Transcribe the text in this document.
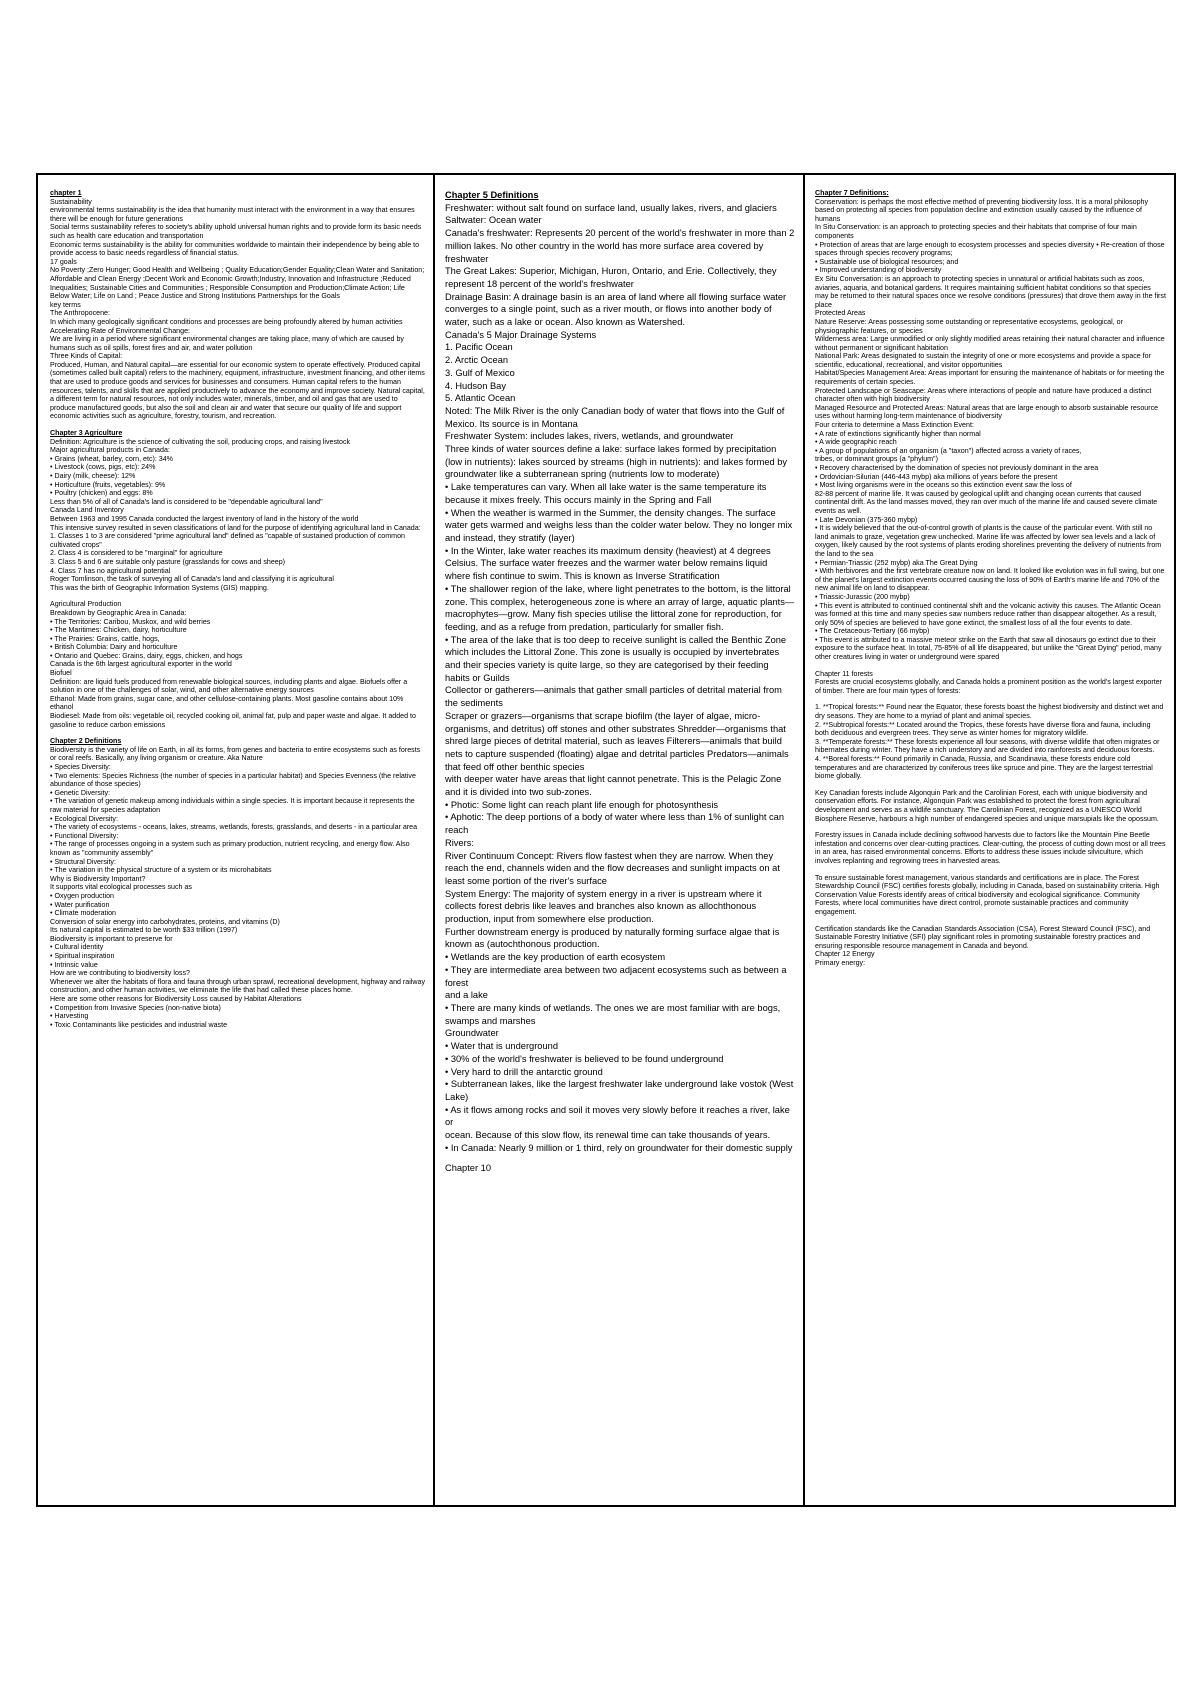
chapter 1
Sustainability
environmental terms sustainability is the idea that humanity must interact with the environment in a way that ensures there will be enough for future generations
Social terms sustainability referes to society's ability uphold universal human rights and to provide form its basic needs such as health care education and transportation
Economic terms sustainability is the ability for communities worldwide to maintain their independence by being able to provide access to basic needs regardless of financial status.
17 goals
No Poverty ;Zero Hunger; Good Health and Wellbeing ; Quality Education;Gender Equality;Clean Water and Sanitation; Affordable and Clean Energy ;Decent Work and Economic Growth;Industry, Innovation and Infrastructure ;Reduced Inequalities; Sustainable Cities and Communities ; Responsible Consumption and Production;Climate Action; Life Below Water; Life on Land ; Peace Justice and Strong Institutions Partnerships for the Goals
key terms
The Anthropocene:
In which many geologically significant conditions and processes are being profoundly altered by human activities
Accelerating Rate of Environmental Change:
We are living in a period where significant environmental changes are taking place, many of which are caused by humans such as oil spills, forest fires and air, and water pollution
Three Kinds of Capital:
Produced, Human, and Natural capital—are essential for our economic system to operate effectively. Produced capital (sometimes called built capital) refers to the machinery, equipment, infrastructure, investment financing, and other items that are used to produce goods and services for businesses and consumers. Human capital refers to the human resources, talents, and skills that are applied productively to advance the economy and improve society. Natural capital, a different term for natural resources, not only includes water, minerals, timber, and oil and gas that are used to produce manufactured goods, but also the soil and clean air and water that secure our quality of life and support economic activities such as agriculture, forestry, tourism, and recreation.
Chapter 3 Agriculture
Definition: Agriculture is the science of cultivating the soil, producing crops, and raising livestock
Major agricultural products in Canada:
• Grains (wheat, barley, corn, etc): 34%
• Livestock (cows, pigs, etc): 24%
• Dairy (milk, cheese): 12%
• Horticulture (fruits, vegetables): 9%
• Poultry (chicken) and eggs: 8%
Less than 5% of all of Canada's land is considered to be "dependable agricultural land"
Canada Land Inventory
Between 1963 and 1995 Canada conducted the largest inventory of land in the history of the world
This intensive survey resulted in seven classifications of land for the purpose of identifying agricultural land in Canada:
1. Classes 1 to 3 are considered "prime agricultural land" defined as "capable of sustained production of common cultivated crops"
2. Class 4 is considered to be "marginal" for agriculture
3. Class 5 and 6 are suitable only pasture (grasslands for cows and sheep)
4. Class 7 has no agricultural potential
Roger Tomlinson, the task of surveying all of Canada's land and classifying it is agricultural
This was the birth of Geographic Information Systems (GIS) mapping.
Agricultural Production
Breakdown by Geographic Area in Canada:
• The Territories: Caribou, Muskox, and wild berries
• The Maritimes: Chicken, dairy, horticulture
• The Prairies: Grains, cattle, hogs,
• British Columbia: Dairy and horticulture
• Ontario and Quebec: Grains, dairy, eggs, chicken, and hogs
Canada is the 6th largest agricultural exporter in the world
Biofuel
Definition: are liquid fuels produced from renewable biological sources, including plants and algae. Biofuels offer a solution in one of the challenges of solar, wind, and other alternative energy sources
Ethanol: Made from grains, sugar cane, and other cellulose-containing plants. Most gasoline contains about 10% ethanol
Biodiesel: Made from oils: vegetable oil, recycled cooking oil, animal fat, pulp and paper waste and algae. It added to gasoline to reduce carbon emissions
Chapter 2 Definitions
Biodiversity is the variety of life on Earth, in all its forms, from genes and bacteria to entire ecosystems such as forests or coral reefs. Basically, any living organism or creature. Aka Nature
• Species Diversity:
• Two elements: Species Richness (the number of species in a particular habitat) and Species Evenness (the relative abundance of those species)
• Genetic Diversity:
• The variation of genetic makeup among individuals within a single species. It is important because it represents the raw material for species adaptation
• Ecological Diversity:
• The variety of ecosystems - oceans, lakes, streams, wetlands, forests, grasslands, and deserts - in a particular area
• Functional Diversity:
• The range of processes ongoing in a system such as primary production, nutrient recycling, and energy flow. Also known as "community assembly"
• Structural Diversity:
• The variation in the physical structure of a system or its microhabitats
Why is Biodiversity Important?
It supports vital ecological processes such as
• Oxygen production
• Water purification
• Climate moderation
Conversion of solar energy into carbohydrates, proteins, and vitamins (D)
Its natural capital is estimated to be worth $33 trillion (1997)
Biodiversity is important to preserve for
• Cultural identity
• Spiritual inspiration
• Intrinsic value
How are we contributing to biodiversity loss?
Whenever we alter the habitats of flora and fauna through urban sprawl, recreational development, highway and railway construction, and other human activities, we eliminate the life that had called these places home.
Here are some other reasons for Biodiversity Loss caused by Habitat Alterations
• Competition from Invasive Species (non-native biota)
• Harvesting
• Toxic Contaminants like pesticides and industrial waste
Chapter 5 Definitions
Freshwater: without salt found on surface land, usually lakes, rivers, and glaciers
Saltwater: Ocean water
Canada's freshwater: Represents 20 percent of the world's freshwater in more than 2 million lakes. No other country in the world has more surface area covered by freshwater
The Great Lakes: Superior, Michigan, Huron, Ontario, and Erie. Collectively, they represent 18 percent of the world's freshwater
Drainage Basin: A drainage basin is an area of land where all flowing surface water converges to a single point, such as a river mouth, or flows into another body of water, such as a lake or ocean. Also known as Watershed.
Canada's 5 Major Drainage Systems
1. Pacific Ocean
2. Arctic Ocean
3. Gulf of Mexico
4. Hudson Bay
5. Atlantic Ocean
Noted: The Milk River is the only Canadian body of water that flows into the Gulf of Mexico. Its source is in Montana
Freshwater System: includes lakes, rivers, wetlands, and groundwater
Three kinds of water sources define a lake: surface lakes formed by precipitation (low in nutrients): lakes sourced by streams (high in nutrients): and lakes formed by groundwater like a subterranean spring (nutrients low to moderate)
• Lake temperatures can vary. When all lake water is the same temperature its because it mixes freely. This occurs mainly in the Spring and Fall
• When the weather is warmed in the Summer, the density changes. The surface water gets warmed and weighs less than the colder water below. They no longer mix and instead, they stratify (layer)
• In the Winter, lake water reaches its maximum density (heaviest) at 4 degrees Celsius. The surface water freezes and the warmer water below remains liquid where fish continue to swim. This is known as Inverse Stratification
• The shallower region of the lake, where light penetrates to the bottom, is the littoral
zone. This complex, heterogeneous zone is where an array of large, aquatic plants—macrophytes—grow. Many fish species utilise the littoral zone for reproduction, for feeding, and as a refuge from predation, particularly for smaller fish.
• The area of the lake that is too deep to receive sunlight is called the Benthic Zone which includes the Littoral Zone. This zone is usually is occupied by invertebrates and their species variety is quite large, so they are categorised by their feeding habits or Guilds
Collector or gatherers—animals that gather small particles of detrital material from the sediments
Scraper or grazers—organisms that scrape biofilm (the layer of algae, micro-organisms, and detritus) off stones and other substrates Shredder—organisms that shred large pieces of detrital material, such as leaves Filterers—animals that build nets to capture suspended (floating) algae and detrital particles Predators—animals that feed off other benthic species
with deeper water have areas that light cannot penetrate. This is the Pelagic Zone and it is divided into two sub-zones.
• Photic: Some light can reach plant life enough for photosynthesis
• Aphotic: The deep portions of a body of water where less than 1% of sunlight can reach
Rivers:
River Continuum Concept: Rivers flow fastest when they are narrow. When they reach the end, channels widen and the flow decreases and sunlight impacts on at least some portion of the river's surface
System Energy: The majority of system energy in a river is upstream where it collects forest debris like leaves and branches also known as allochthonous production, input from somewhere else production.
Further downstream energy is produced by naturally forming surface algae that is known as (autochthonous production.
• Wetlands are the key production of earth ecosystem
• They are intermediate area between two adjacent ecosystems such as between a forest
and a lake
• There are many kinds of wetlands. The ones we are most familiar with are bogs,
swamps and marshes
Groundwater
• Water that is underground
• 30% of the world's freshwater is believed to be found underground
• Very hard to drill the antarctic ground
• Subterranean lakes, like the largest freshwater lake underground lake vostok (West
Lake)
• As it flows among rocks and soil it moves very slowly before it reaches a river, lake or
ocean. Because of this slow flow, its renewal time can take thousands of years.
• In Canada: Nearly 9 million or 1 third, rely on groundwater for their domestic supply
Chapter 10
Chapter 7 Definitions:
Conservation: is perhaps the most effective method of preventing biodiversity loss. It is a moral philosophy based on protecting all species from population decline and extinction usually caused by the influence of humans
In Situ Conservation: is an approach to protecting species and their habitats that comprise of four main components
• Protection of areas that are large enough to ecosystem processes and species diversity • Re-creation of those spaces through species recovery programs;
• Sustainable use of biological resources; and
• Improved understanding of biodiversity
Ex Situ Conversation: is an approach to protecting species in unnatural or artificial habitats such as zoos, aviaries, aquaria, and botanical gardens. It requires maintaining sufficient habitat conditions so that species may be returned to their natural spaces once we resolve conditions (pressures) that drove them away in the first place
Protected Areas
Nature Reserve: Areas possessing some outstanding or representative ecosystems, geological, or physiographic features, or species
Wilderness area: Large unmodified or only slightly modified areas retaining their natural character and influence without permanent or significant habitation
National Park: Areas designated to sustain the integrity of one or more ecosystems and provide a space for scientific, educational, recreational, and visitor opportunities
Habitat/Species Management Area: Areas important for ensuring the maintenance of habitats or for meeting the requirements of certain species.
Protected Landscape or Seascape: Areas where interactions of people and nature have produced a distinct character often with high biodiversity
Managed Resource and Protected Areas: Natural areas that are large enough to absorb sustainable resource uses without harming long-term maintenance of biodiversity
Four criteria to determine a Mass Extinction Event:
• A rate of extinctions significantly higher than normal
• A wide geographic reach
• A group of populations of an organism (a "taxon") affected across a variety of races,
tribes, or dominant groups (a "phylum")
• Recovery characterised by the domination of species not previously dominant in the area
• Ordovician-Silurian (446-443 mybp) aka millions of years before the present
• Most living organisms were in the oceans so this extinction event saw the loss of
82-88 percent of marine life. It was caused by geological uplift and changing ocean currents that caused continental drift. As the land masses moved, they ran over much of the marine life and caused severe climate events as well.
• Late Devonian (375-360 mybp)
• It is widely believed that the out-of-control growth of plants is the cause of the particular event. With still no land animals to graze, vegetation grew unchecked. Marine life was affected by lower sea levels and a lack of oxygen, likely caused by the root systems of plants eroding shorelines preventing the delivery of nutrients from the land to the sea
• Permian-Triassic (252 mybp) aka The Great Dying
• With herbivores and the first vertebrate creature now on land. It looked like evolution was in full swing, but one of the planet's largest extinction events occurred causing the loss of 90% of Earth's marine life and 70% of the new animal life on land to disappear.
• Triassic-Jurassic (200 mybp)
• This event is attributed to continued continental shift and the volcanic activity this causes. The Atlantic Ocean was formed at this time and many species saw numbers reduce rather than disappear altogether. As a result, only 50% of species are believed to have gone extinct, the smallest loss of all the four events to date.
• The Cretaceous-Tertiary (66 mybp)
• This event is attributed to a massive meteor strike on the Earth that saw all dinosaurs go extinct due to their exposure to the surface heat. In total, 75-85% of all life disappeared, but unlike the "Great Dying" period, many other creatures living in water or underground were spared
Chapter 11 forests
Forests are crucial ecosystems globally, and Canada holds a prominent position as the world's largest exporter of timber. There are four main types of forests:
1. **Tropical forests:** Found near the Equator, these forests boast the highest biodiversity and distinct wet and dry seasons. They are home to a myriad of plant and animal species.
2. **Subtropical forests:** Located around the Tropics, these forests have diverse flora and fauna, including both deciduous and evergreen trees. They serve as winter homes for migratory wildlife.
3. **Temperate forests:** These forests experience all four seasons, with diverse wildlife that often migrates or hibernates during winter. They have a rich understory and are divided into rainforests and deciduous forests.
4. **Boreal forests:** Found primarily in Canada, Russia, and Scandinavia, these forests endure cold temperatures and are characterized by coniferous trees like spruce and pine. They are the largest terrestrial biome globally.
Key Canadian forests include Algonquin Park and the Carolinian Forest, each with unique biodiversity and conservation efforts. For instance, Algonquin Park was established to protect the forest from agricultural development and serves as a wildlife sanctuary. The Carolinian Forest, recognized as a UNESCO World Biosphere Reserve, harbours a high number of endangered species and unique marsupials like the opossum.
Forestry issues in Canada include declining softwood harvests due to factors like the Mountain Pine Beetle infestation and concerns over clear-cutting practices. Clear-cutting, the process of cutting down most or all trees in an area, has raised environmental concerns. Efforts to address these issues include silviculture, which involves replanting and regrowing trees in harvested areas.
To ensure sustainable forest management, various standards and certifications are in place. The Forest Stewardship Council (FSC) certifies forests globally, including in Canada, based on sustainability criteria. High Conservation Value Forests identify areas of critical biodiversity and ecological significance. Community Forests, where local communities have direct control, promote sustainable practices and community engagement.
Certification standards like the Canadian Standards Association (CSA), Forest Steward Council (FSC), and Sustainable Forestry Initiative (SFI) play significant roles in promoting sustainable forestry practices and ensuring responsible resource management in Canada and beyond.
Chapter 12 Energy
Primary energy:
